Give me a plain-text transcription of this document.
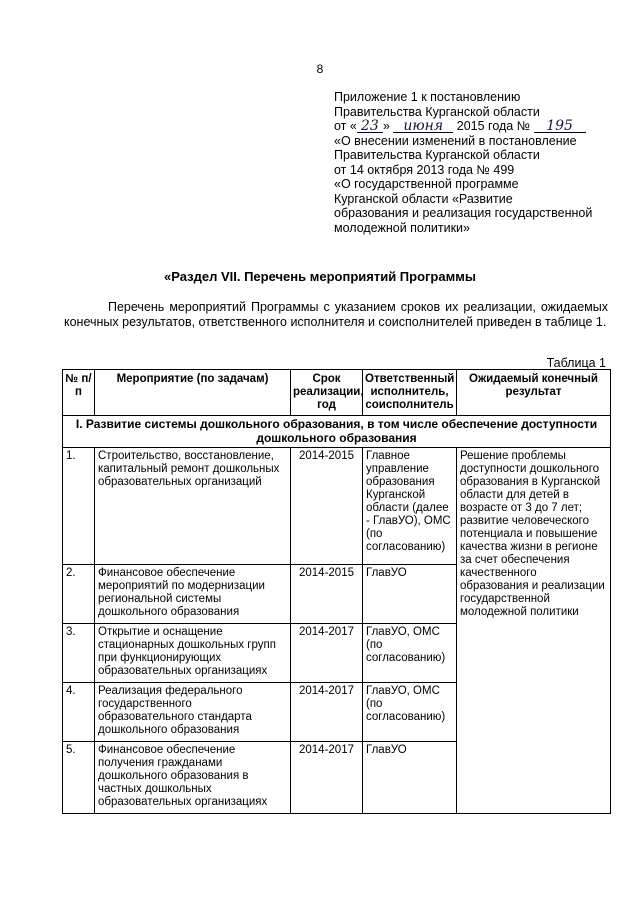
8
Приложение 1 к постановлению
Правительства Курганской области
от « 23 » июня 2015 года № 195
«О внесении изменений в постановление
Правительства Курганской области
от 14 октября 2013 года № 499
«О государственной программе
Курганской области «Развитие
образования и реализация государственной
молодежной политики»
«Раздел VII. Перечень мероприятий Программы
Перечень мероприятий Программы с указанием сроков их реализации, ожидаемых конечных результатов, ответственного исполнителя и соисполнителей приведен в таблице 1.
Таблица 1
№ п/п	Мероприятие (по задачам)	Срок реализации, год	Ответственный исполнитель, соисполнитель	Ожидаемый конечный результат
I. Развитие системы дошкольного образования, в том числе обеспечение доступности дошкольного образования				
1.	Строительство, восстановление, капитальный ремонт дошкольных образовательных организаций	2014-2015	Главное управление образования Курганской области (далее - ГлавУО), ОМС (по согласованию)	Решение проблемы доступности дошкольного образования в Курганской области для детей в возрасте от 3 до 7 лет; развитие человеческого потенциала и повышение качества жизни в регионе за счет обеспечения качественного образования и реализации государственной молодежной политики
2.	Финансовое обеспечение мероприятий по модернизации региональной системы дошкольного образования	2014-2015	ГлавУО	
3.	Открытие и оснащение стационарных дошкольных групп при функционирующих образовательных организациях	2014-2017	ГлавУО, ОМС (по согласованию)	
4.	Реализация федерального государственного образовательного стандарта дошкольного образования	2014-2017	ГлавУО, ОМС (по согласованию)	
5.	Финансовое обеспечение получения гражданами дошкольного образования в частных дошкольных образовательных организациях	2014-2017	ГлавУО	
